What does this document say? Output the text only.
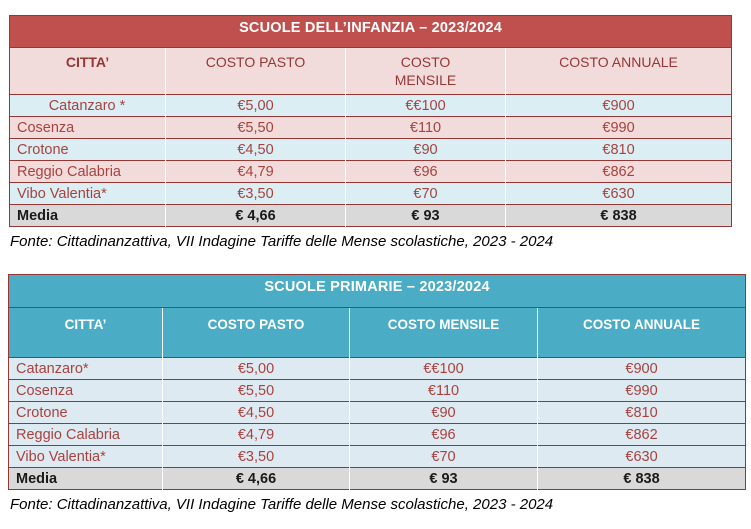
SCUOLE DELL’INFANZIA – 2023/2024			
CITTA’	COSTO PASTO	COSTO MENSILE	COSTO ANNUALE
Catanzaro *	€5,00	€€100	€900
Cosenza	€5,50	€110	€990
Crotone	€4,50	€90	€810
Reggio Calabria	€4,79	€96	€862
Vibo Valentia*	€3,50	€70	€630
Media	€ 4,66	€ 93	€ 838

Fonte: Cittadinanzattiva, VII Indagine Tariffe delle Mense scolastiche, 2023 - 2024

SCUOLE PRIMARIE – 2023/2024			
CITTA’	COSTO PASTO	COSTO MENSILE	COSTO ANNUALE
Catanzaro*	€5,00	€€100	€900
Cosenza	€5,50	€110	€990
Crotone	€4,50	€90	€810
Reggio Calabria	€4,79	€96	€862
Vibo Valentia*	€3,50	€70	€630
Media	€ 4,66	€ 93	€ 838

Fonte: Cittadinanzattiva, VII Indagine Tariffe delle Mense scolastiche, 2023 - 2024
